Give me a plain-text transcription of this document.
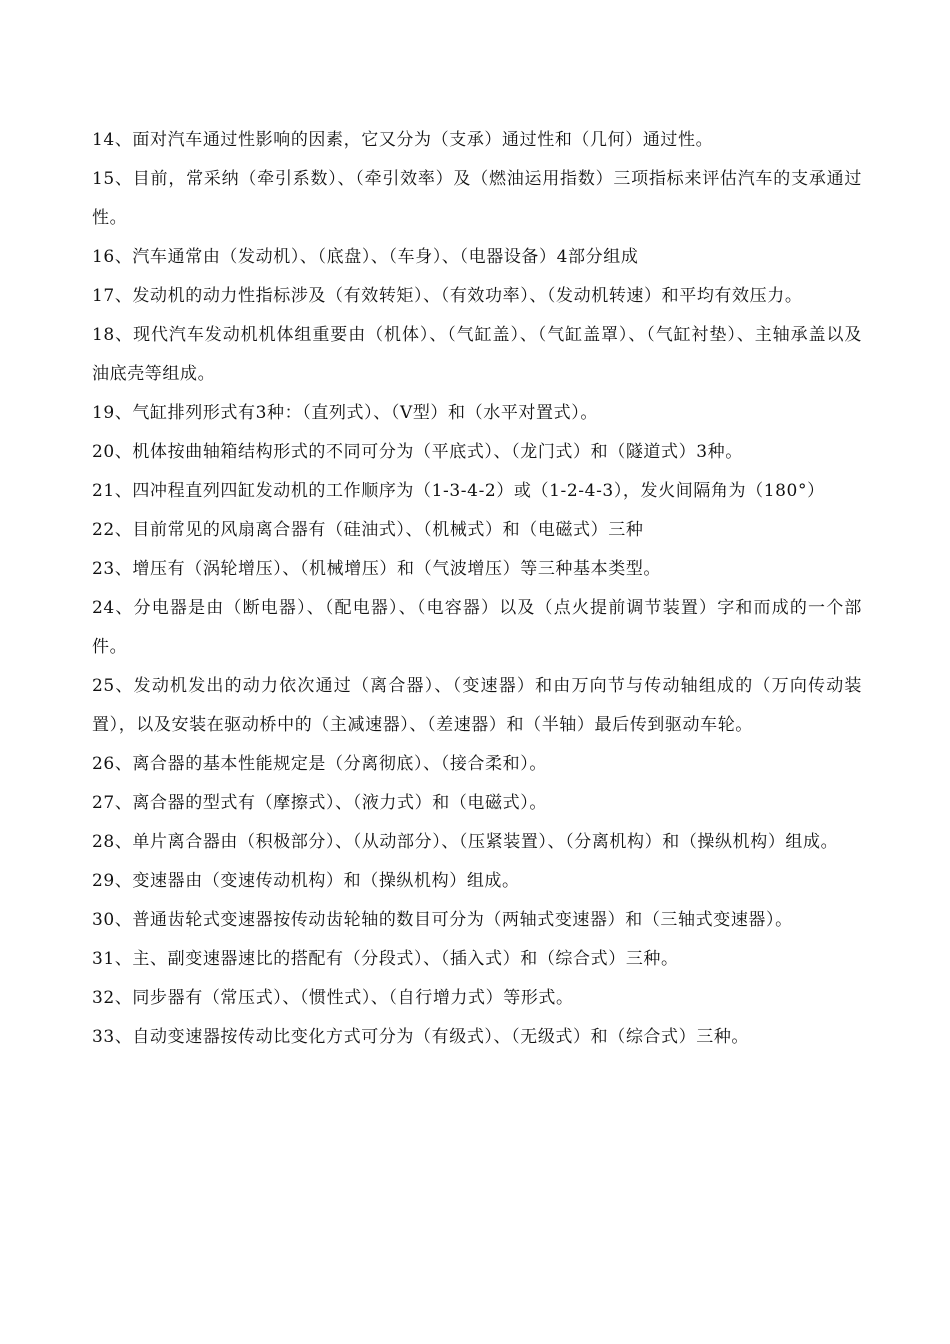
14、面对汽车通过性影响的因素，它又分为（支承）通过性和（几何）通过性。

15、目前，常采纳（牵引系数）、（牵引效率）及（燃油运用指数）三项指标来评估汽车的支承通过性。

16、汽车通常由（发动机）、（底盘）、（车身）、（电器设备）4部分组成

17、发动机的动力性指标涉及（有效转矩）、（有效功率）、（发动机转速）和平均有效压力。

18、现代汽车发动机机体组重要由（机体）、（气缸盖）、（气缸盖罩）、（气缸衬垫）、主轴承盖以及油底壳等组成。

19、气缸排列形式有3种：（直列式）、（V型）和（水平对置式）。

20、机体按曲轴箱结构形式的不同可分为（平底式）、（龙门式）和（隧道式）3种。

21、四冲程直列四缸发动机的工作顺序为（1-3-4-2）或（1-2-4-3），发火间隔角为（180°）

22、目前常见的风扇离合器有（硅油式）、（机械式）和（电磁式）三种

23、增压有（涡轮增压）、（机械增压）和（气波增压）等三种基本类型。

24、分电器是由（断电器）、（配电器）、（电容器）以及（点火提前调节装置）字和而成的一个部件。

25、发动机发出的动力依次通过（离合器）、（变速器）和由万向节与传动轴组成的（万向传动装置），以及安装在驱动桥中的（主减速器）、（差速器）和（半轴）最后传到驱动车轮。

26、离合器的基本性能规定是（分离彻底）、（接合柔和）。

27、离合器的型式有（摩擦式）、（液力式）和（电磁式）。

28、单片离合器由（积极部分）、（从动部分）、（压紧装置）、（分离机构）和（操纵机构）组成。

29、变速器由（变速传动机构）和（操纵机构）组成。

30、普通齿轮式变速器按传动齿轮轴的数目可分为（两轴式变速器）和（三轴式变速器）。

31、主、副变速器速比的搭配有（分段式）、（插入式）和（综合式）三种。

32、同步器有（常压式）、（惯性式）、（自行增力式）等形式。

33、自动变速器按传动比变化方式可分为（有级式）、（无级式）和（综合式）三种。
